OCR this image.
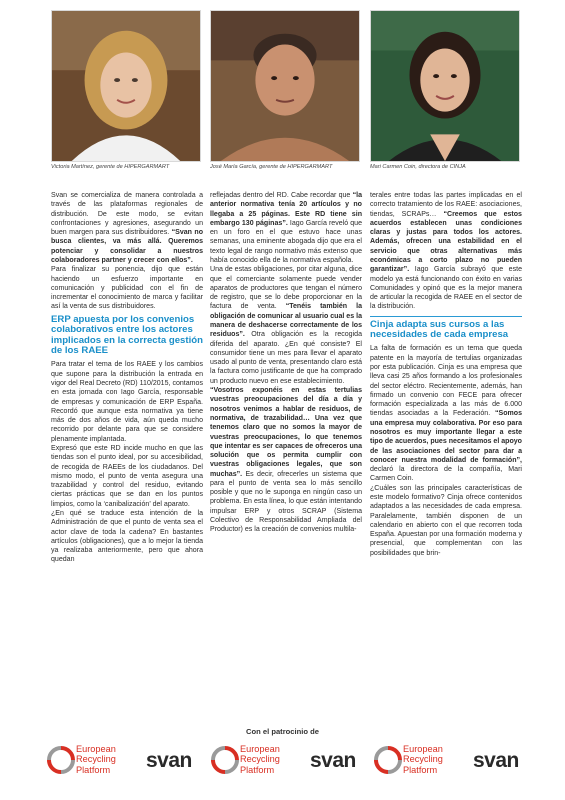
Victoria Martínez, gerente de HIPERGARMART	José María García, gerente de HIPERGARMART	Mari Carmen Coin, directora de CINJA

Svan se comercializa de manera controlada a través de las plataformas regionales de distribución. De este modo, se evitan confrontaciones y agresiones, asegurando un buen margen para sus distribuidores. “Svan no busca clientes, va más allá. Queremos potenciar y consolidar a nuestros colaboradores partner y crecer con ellos”.

Para finalizar su ponencia, dijo que están haciendo un esfuerzo importante en comunicación y publicidad con el fin de incrementar el conocimiento de marca y facilitar así la venta de sus distribuidores.

ERP apuesta por los convenios colaborativos entre los actores implicados en la correcta gestión de los RAEE

Para tratar el tema de los RAEE y los cambios que supone para la distribución la entrada en vigor del Real Decreto (RD) 110/2015, contamos en esta jornada con Iago García, responsable de empresas y comunicación de ERP España. Recordó que aunque esta normativa ya tiene más de dos años de vida, aún queda mucho recorrido por delante para que se considere plenamente implantada.

Expresó que este RD incide mucho en que las tiendas son el punto ideal, por su accesibilidad, de recogida de RAEEs de los ciudadanos. Del mismo modo, el punto de venta asegura una trazabilidad y control del residuo, evitando ciertas prácticas que se dan en los puntos limpios, como la ‘canibalización’ del aparato.

¿En qué se traduce esta intención de la Administración de que el punto de venta sea el actor clave de toda la cadena? En bastantes artículos (obligaciones), que a lo mejor la tienda ya realizaba anteriormente, pero que ahora quedan

reflejadas dentro del RD. Cabe recordar que “la anterior normativa tenía 20 artículos y no llegaba a 25 páginas. Este RD tiene sin embargo 130 páginas”. Iago García reveló que en un foro en el que estuvo hace unas semanas, una eminente abogada dijo que era el texto legal de rango normativo más extenso que había conocido ella de la normativa española.

Una de estas obligaciones, por citar alguna, dice que el comerciante solamente puede vender aparatos de productores que tengan el número de registro, que se lo debe proporcionar en la factura de venta. “Tenéis también la obligación de comunicar al usuario cual es la manera de deshacerse correctamente de los residuos”. Otra obligación es la recogida diferida del aparato. ¿En qué consiste? El consumidor tiene un mes para llevar el aparato usado al punto de venta, presentando claro está la factura como justificante de que ha comprado un producto nuevo en ese establecimiento.

“Vosotros exponéis en estas tertulias vuestras preocupaciones del día a día y nosotros venimos a hablar de residuos, de normativa, de trazabilidad… Una vez que tenemos claro que no somos la mayor de vuestras preocupaciones, lo que tenemos que intentar es ser capaces de ofreceros una solución que os permita cumplir con vuestras obligaciones legales, que son muchas”. Es decir, ofrecerles un sistema que para el punto de venta sea lo más sencillo posible y que no le suponga en ningún caso un problema. En esta línea, lo que están intentando impulsar ERP y otros SCRAP (Sistema Colectivo de Responsabilidad Ampliada del Productor) es la creación de convenios multila-

terales entre todas las partes implicadas en el correcto tratamiento de los RAEE: asociaciones, tiendas, SCRAPs… “Creemos que estos acuerdos establecen unas condiciones claras y justas para todos los actores. Además, ofrecen una estabilidad en el servicio que otras alternativas más económicas a corto plazo no pueden garantizar”. Iago García subrayó que este modelo ya está funcionando con éxito en varias Comunidades y opinó que es la mejor manera de articular la recogida de RAEE en el sector de la distribución.

Cinja adapta sus cursos a las necesidades de cada empresa

La falta de formación es un tema que queda patente en la mayoría de tertulias organizadas por esta publicación. Cinja es una empresa que lleva casi 25 años formando a los profesionales del sector eléctro. Recientemente, además, han firmado un convenio con FECE para ofrecer formación especializada a las más de 6.000 tiendas asociadas a la Federación. “Somos una empresa muy colaborativa. Por eso para nosotros es muy importante llegar a este tipo de acuerdos, pues necesitamos el apoyo de las asociaciones del sector para dar a conocer nuestra modalidad de formación”, declaró la directora de la compañía, Mari Carmen Coin.

¿Cuáles son las principales características de este modelo formativo? Cinja ofrece contenidos adaptados a las necesidades de cada empresa. Paralelamente, también disponen de un calendario en abierto con el que recorren toda España. Apuestan por una formación moderna y presencial, que complementan con las posibilidades que brin-

Con el patrocinio de
European
Recycling
Platform svan	European
Recycling
Platform svan	European
Recycling
Platform svan
